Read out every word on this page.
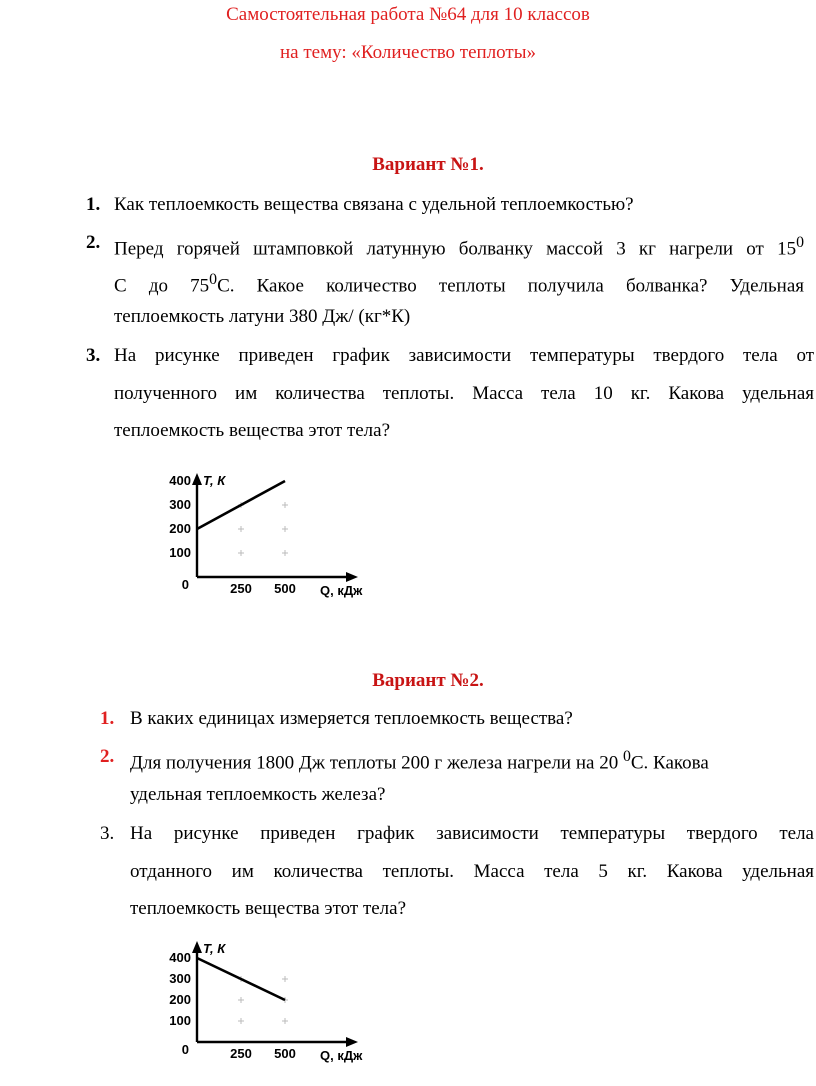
Самостоятельная работа №64 для 10 классов
на тему: «Количество теплоты»
Вариант №1.
1. Как теплоемкость вещества связана с удельной теплоемкостью?
2. Перед горячей штамповкой латунную болванку массой 3 кг нагрели от $15^0$
С до $75^0С$. Какое количество теплоты получила болванка? Удельная
теплоемкость латуни 380 Дж/ (кг*К)
3. На рисунке приведен график зависимости температуры твердого тела от
полученного им количества теплоты. Масса тела 10 кг. Какова удельная
теплоемкость вещества этот тела?
400
300
200
100
0	250 500
T, К
Q, кДж
Вариант №2.
1. В каких единицах измеряется теплоемкость вещества?
2. Для получения 1800 Дж теплоты 200 г железа нагрели на 20 $^0$С. Какова
удельная теплоемкость железа?
3. На рисунке приведен график зависимости температуры твердого тела
отданного им количества теплоты. Масса тела 5 кг. Какова удельная
теплоемкость вещества этот тела?
400
300
200
100
0	250 500
T, К
Q, кДж
